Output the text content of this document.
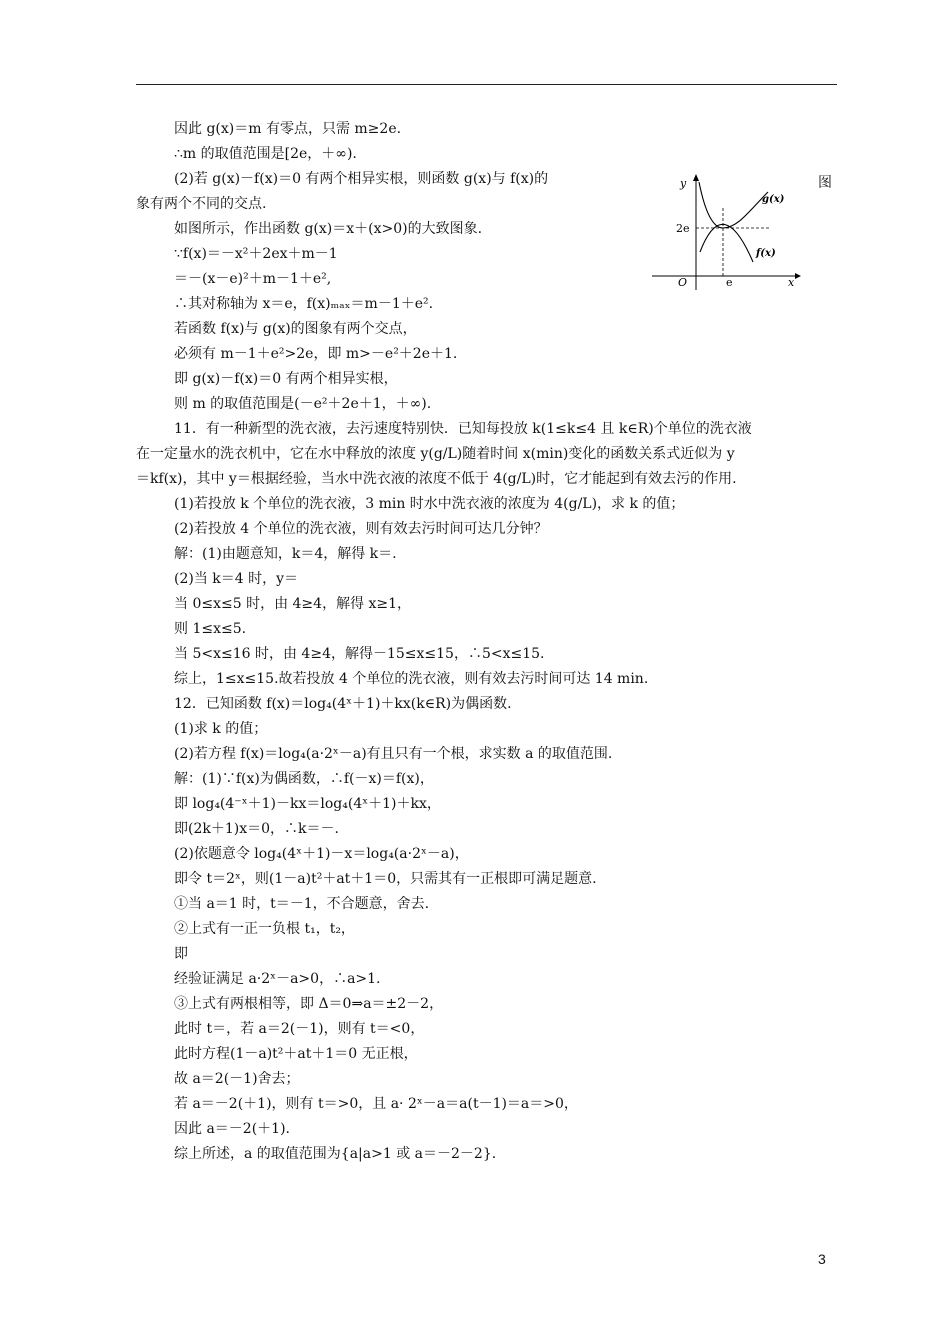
因此 g(x)＝m 有零点，只需 m≥2e.
∴m 的取值范围是[2e，＋∞).
(2)若 g(x)－f(x)＝0 有两个相异实根，则函数 g(x)与 f(x)的
象有两个不同的交点.
如图所示，作出函数 g(x)＝x＋(x>0)的大致图象.
∵f(x)＝－x²＋2ex＋m－1
＝－(x－e)²＋m－1＋e²,
∴其对称轴为 x＝e，f(x)ₘₐₓ＝m－1＋e².
若函数 f(x)与 g(x)的图象有两个交点，
必须有 m－1＋e²>2e，即 m>－e²＋2e＋1.
即 g(x)－f(x)＝0 有两个相异实根，
则 m 的取值范围是(－e²＋2e＋1，＋∞).
11．有一种新型的洗衣液，去污速度特别快．已知每投放 k(1≤k≤4 且 k∈R)个单位的洗衣液
在一定量水的洗衣机中，它在水中释放的浓度 y(g/L)随着时间 x(min)变化的函数关系式近似为 y
＝kf(x)，其中 y＝根据经验，当水中洗衣液的浓度不低于 4(g/L)时，它才能起到有效去污的作用.
(1)若投放 k 个单位的洗衣液，3 min 时水中洗衣液的浓度为 4(g/L)，求 k 的值；
(2)若投放 4 个单位的洗衣液，则有效去污时间可达几分钟？
解：(1)由题意知，k＝4，解得 k＝.
(2)当 k＝4 时，y＝
当 0≤x≤5 时，由 4≥4，解得 x≥1，
则 1≤x≤5.
当 5<x≤16 时，由 4≥4，解得－15≤x≤15，∴5<x≤15.
综上，1≤x≤15.故若投放 4 个单位的洗衣液，则有效去污时间可达 14 min.
12．已知函数 f(x)＝log₄(4ˣ＋1)＋kx(k∈R)为偶函数.
(1)求 k 的值；
(2)若方程 f(x)＝log₄(a·2ˣ－a)有且只有一个根，求实数 a 的取值范围.
解：(1)∵f(x)为偶函数，∴f(－x)＝f(x)，
即 log₄(4⁻ˣ＋1)－kx＝log₄(4ˣ＋1)＋kx，
即(2k＋1)x＝0，∴k＝－.
(2)依题意令 log₄(4ˣ＋1)－x＝log₄(a·2ˣ－a)，
即令 t＝2ˣ，则(1－a)t²＋at＋1＝0，只需其有一正根即可满足题意.
①当 a＝1 时，t＝－1，不合题意，舍去.
②上式有一正一负根 t₁，t₂，
即
经验证满足 a·2ˣ－a>0，∴a>1.
③上式有两根相等，即 Δ＝0⇒a＝±2－2，
此时 t＝，若 a＝2(－1)，则有 t＝<0，
此时方程(1－a)t²＋at＋1＝0 无正根，
故 a＝2(－1)舍去；
若 a＝－2(＋1)，则有 t＝>0，且 a· 2ˣ－a＝a(t－1)＝a＝>0，
因此 a＝－2(＋1).
综上所述，a 的取值范围为{a|a>1 或 a＝－2－2}.
图
y
x
O	e
2e
g(x)
f(x)
3
